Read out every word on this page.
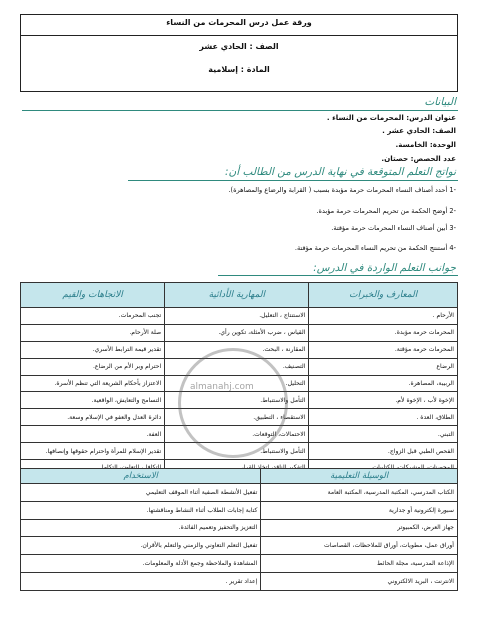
ورقة عمل درس المحرمات من النساء
الصف : الحادي عشر
المادة : إسلامية
البيانات
عنوان الدرس: المحرمات من النساء .
الصف: الحادي عشر .
الوحدة: الخامسة.
عدد الحصص: حصتان.
نواتج التعلم المتوقعة في نهاية الدرس من الطالب أن:
-1 أحدد أصناف النساء المحرمات حرمة مؤبدة بسبب ( القرابة والرضاع والمصاهرة).
-2 أوضح الحكمة من تحريم المحرمات حرمة مؤبدة.
-3 أبين أصناف النساء المحرمات حرمة مؤقتة.
-4 أستنتج الحكمة من تحريم النساء المحرمات حرمة مؤقتة.
جوانب التعلم الواردة في الدرس:
المعارف والخبرات	المهارية الأدائية	الاتجاهات والقيم
الأرحام .	الاستنتاج ، التعليل.	تجنب المحرمات.
المحرمات حرمة مؤبدة.	القياس ، ضرب الأمثلة، تكوين رأي.	صلة الأرحام.
المحرمات حرمة مؤقتة.	المقارنة ، البحث.	تقدير قيمة الترابط الأسري.
الرضاع	التصنيف.	احترام وبر الأم من الرضاع.
الربيبة، المصاهرة.	التحليل.	الاعتزاز بأحكام الشريعة التي تنظم الأسرة.
الإخوة لأب ، الإخوة لأم.	التأمل والاستنباط.	التسامح والتعايش، الواقعية.
الطلاق، العدة .	الاستقصاء ، التطبيق.	دائرة العدل والعفو في الإسلام وسعة.
التبني.	الاحتمالات، التوقعات.	العفة.
الفحص الطبي قبل الزواج.	التأمل والاستنباط.	تقدير الإسلام للمرأة واحترام حقوقها وإنصافها.

الوسيلة التعليمية	الاستخدام
الكتاب المدرسي، المكتبة المدرسية، المكتبة العامة	تفعيل الأنشطة الصفية أثناء الموقف التعليمي
سبورة إلكترونية أو جدارية	كتابة إجابات الطلاب أثناء النشاط ومناقشتها.
جهاز العرض، الكمبيوتر	التعزيز والتحفيز وتعميم الفائدة.
أوراق عمل، مطويات، أوراق للملاحظات، القصاصات	تفعيل التعلم التعاوني والزمني والتعلم بالأقران.
الإذاعة المدرسية، مجلة الحائط	المشاهدة والملاحظة وجمع الأدلة والمعلومات.
الانترنت ، البريد الالكتروني	إعداد تقرير .
almanahj.com
